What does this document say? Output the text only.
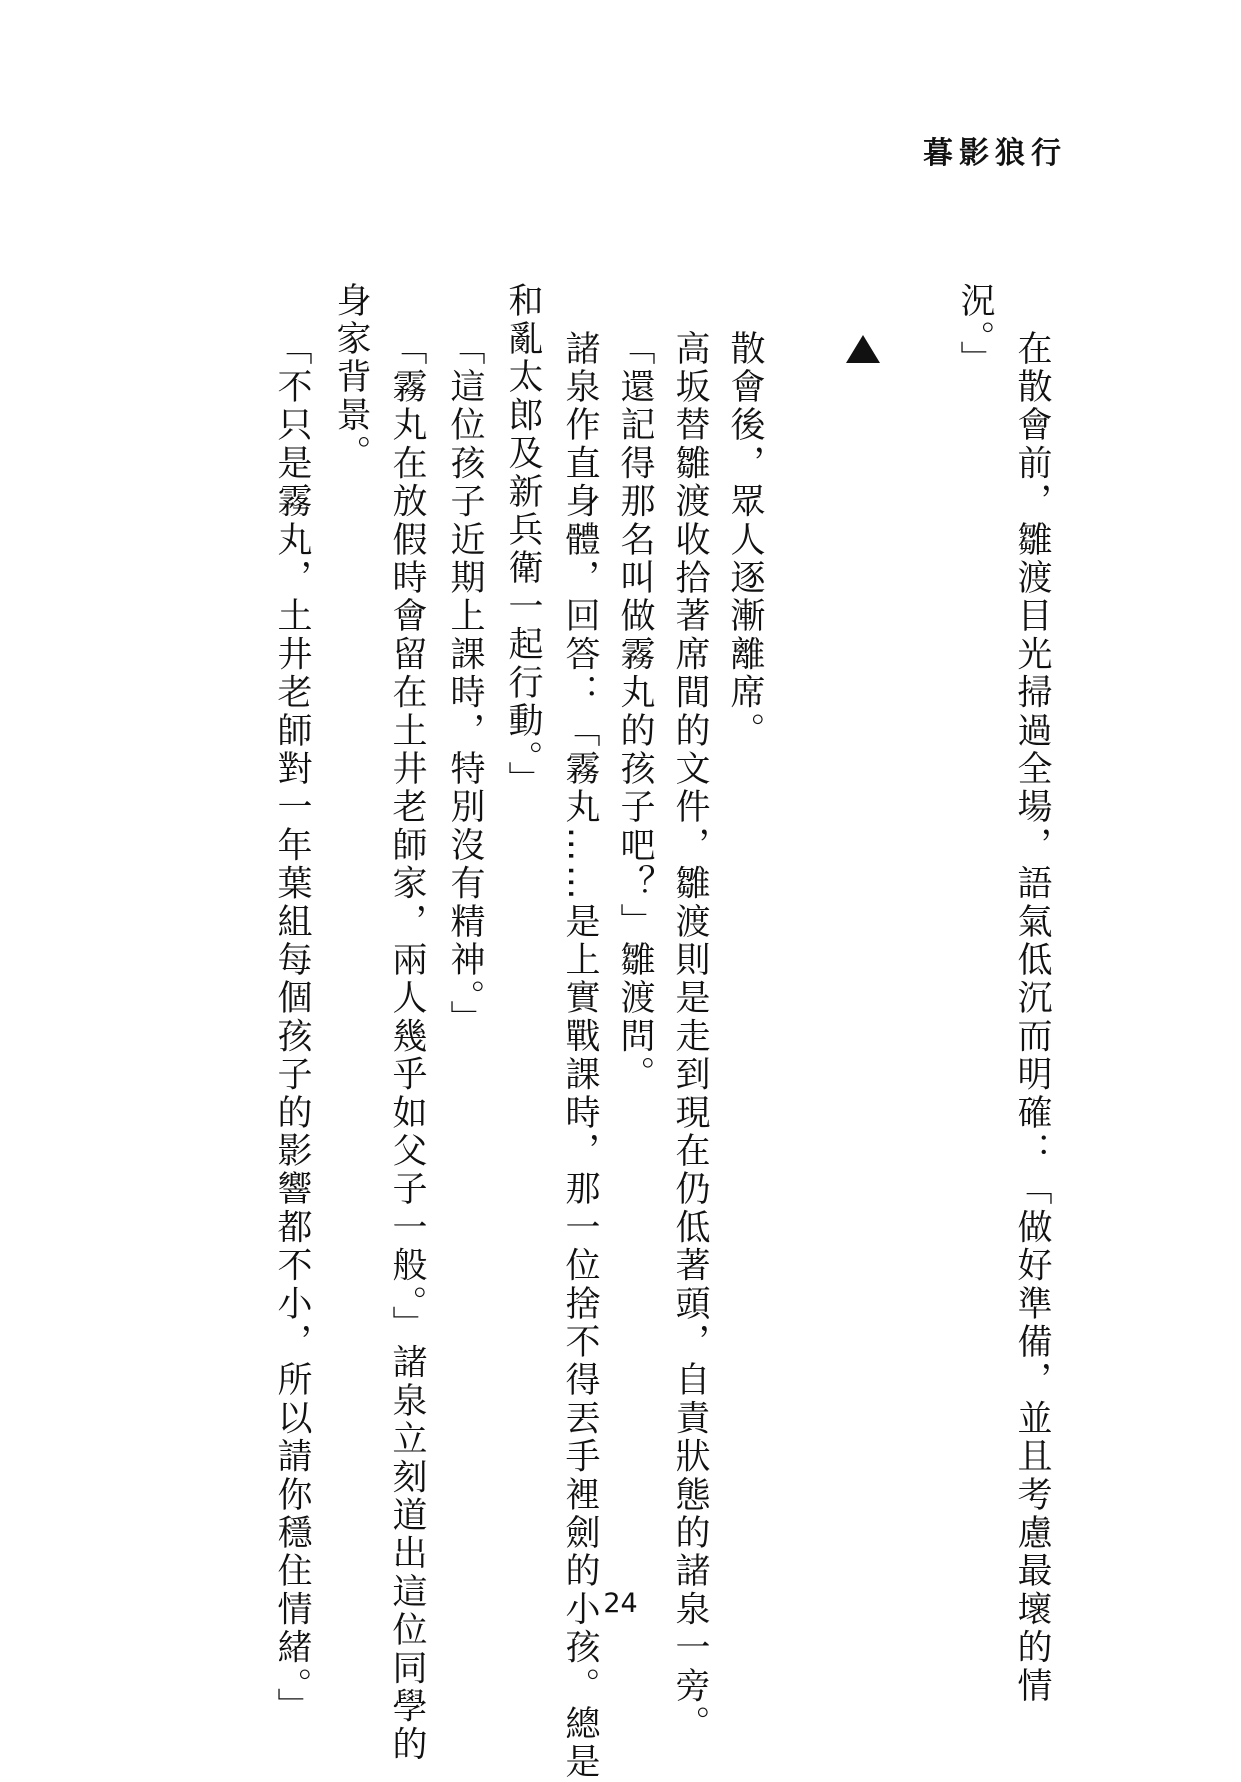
暮影狼行
在散會前，雛渡目光掃過全場，語氣低沉而明確：「做好準備，並且考慮最壞的情
況。」
散會後，眾人逐漸離席。
高坂替雛渡收拾著席間的文件，雛渡則是走到現在仍低著頭，自責狀態的諸泉一旁。
「還記得那名叫做霧丸的孩子吧？」雛渡問。
諸泉作直身體，回答：「霧丸……是上實戰課時，那一位捨不得丟手裡劍的小孩。總是
和亂太郎及新兵衛一起行動。」
「這位孩子近期上課時，特別沒有精神。」
「霧丸在放假時會留在土井老師家，兩人幾乎如父子一般。」諸泉立刻道出這位同學的
身家背景。
「不只是霧丸，土井老師對一年葉組每個孩子的影響都不小，所以請你穩住情緒。」	24
